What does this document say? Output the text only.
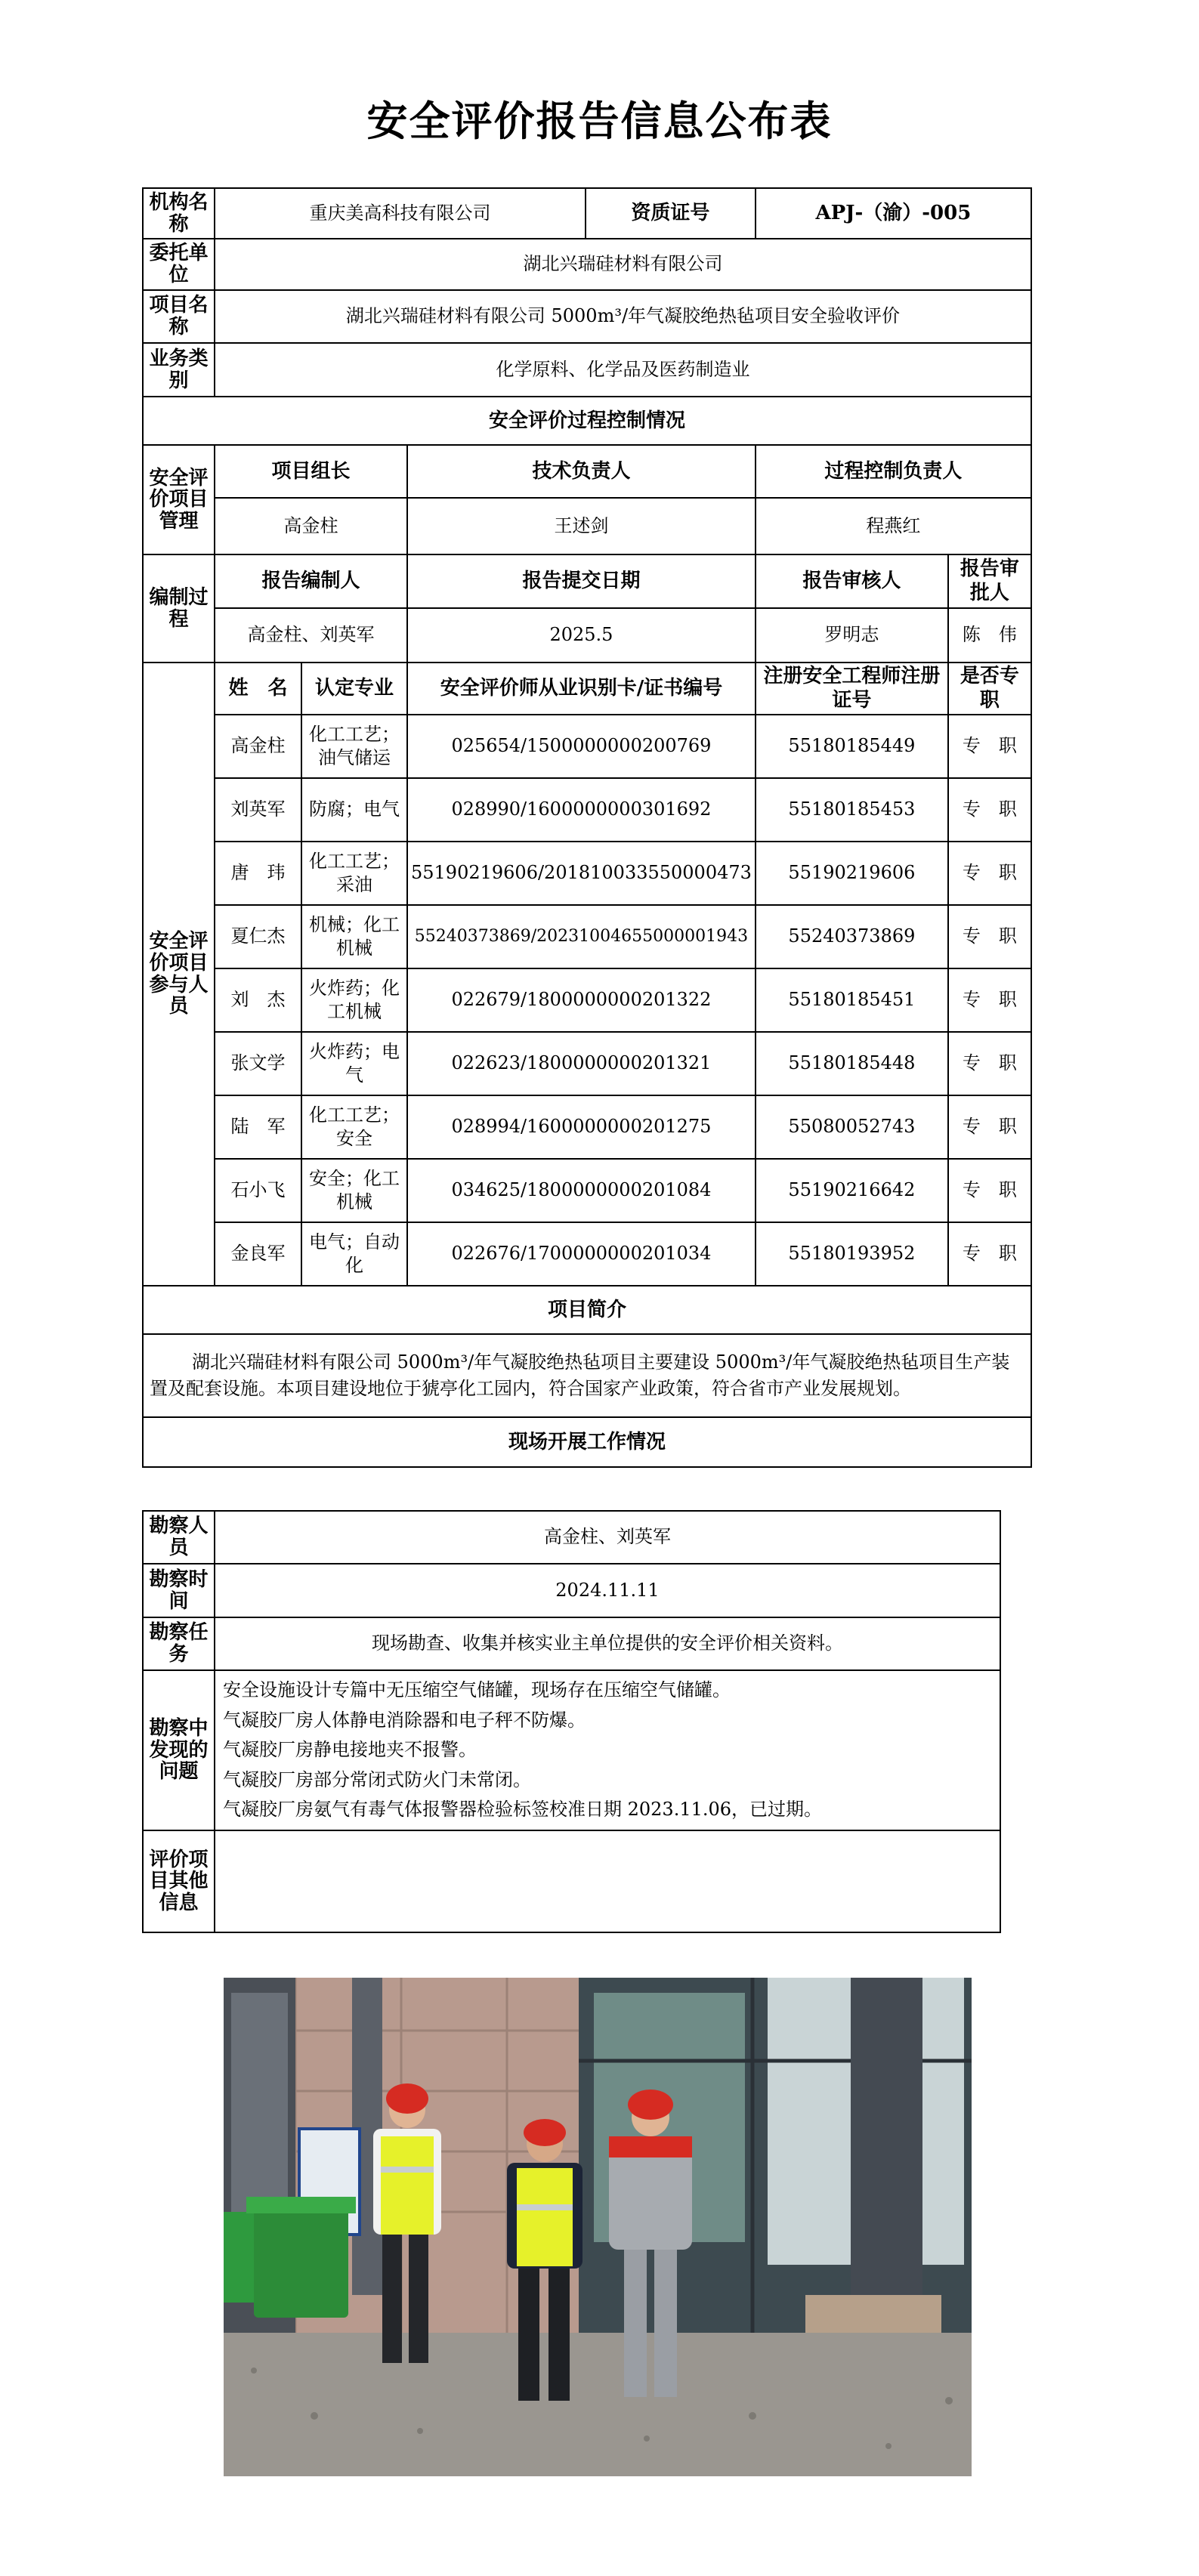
安全评价报告信息公布表
机构名称	重庆美高科技有限公司			资质证号	APJ-（渝）-005	
委托单位	湖北兴瑞硅材料有限公司					
项目名称	湖北兴瑞硅材料有限公司 5000m³/年气凝胶绝热毡项目安全验收评价					
业务类别	化学原料、化学品及医药制造业					
安全评价过程控制情况						
安全评价项目管理	项目组长		技术负责人		过程控制负责人	
	高金柱		王述剑		程燕红	
编制过程	报告编制人		报告提交日期		报告审核人	报告审批人
	高金柱、刘英军		2025.5		罗明志	陈　伟
安全评价项目参与人员	姓　名	认定专业	安全评价师从业识别卡/证书编号		注册安全工程师注册证号	是否专职
	高金柱	化工工艺；油气储运	025654/1500000000200769		55180185449	专　职
	刘英军	防腐；电气	028990/1600000000301692		55180185453	专　职
	唐　玮	化工工艺；采油	55190219606/201810033550000473		55190219606	专　职
	夏仁杰	机械；化工机械	55240373869/20231004655000001943		55240373869	专　职
	刘　杰	火炸药；化工机械	022679/1800000000201322		55180185451	专　职
	张文学	火炸药；电气	022623/1800000000201321		55180185448	专　职
	陆　军	化工工艺；安全	028994/1600000000201275		55080052743	专　职
	石小飞	安全；化工机械	034625/1800000000201084		55190216642	专　职
	金良军	电气；自动化	022676/1700000000201034		55180193952	专　职
项目简介						
湖北兴瑞硅材料有限公司 5000m³/年气凝胶绝热毡项目主要建设 5000m³/年气凝胶绝热毡项目生产装置及配套设施。本项目建设地位于猇亭化工园内，符合国家产业政策，符合省市产业发展规划。						
现场开展工作情况						
勘察人员	高金柱、刘英军
勘察时间	2024.11.11
勘察任务	现场勘查、收集并核实业主单位提供的安全评价相关资料。
勘察中发现的问题	安全设施设计专篇中无压缩空气储罐，现场存在压缩空气储罐。
气凝胶厂房人体静电消除器和电子秤不防爆。
气凝胶厂房静电接地夹不报警。
气凝胶厂房部分常闭式防火门未常闭。
气凝胶厂房氨气有毒气体报警器检验标签校准日期 2023.11.06，已过期。

评价项目其他信息	
